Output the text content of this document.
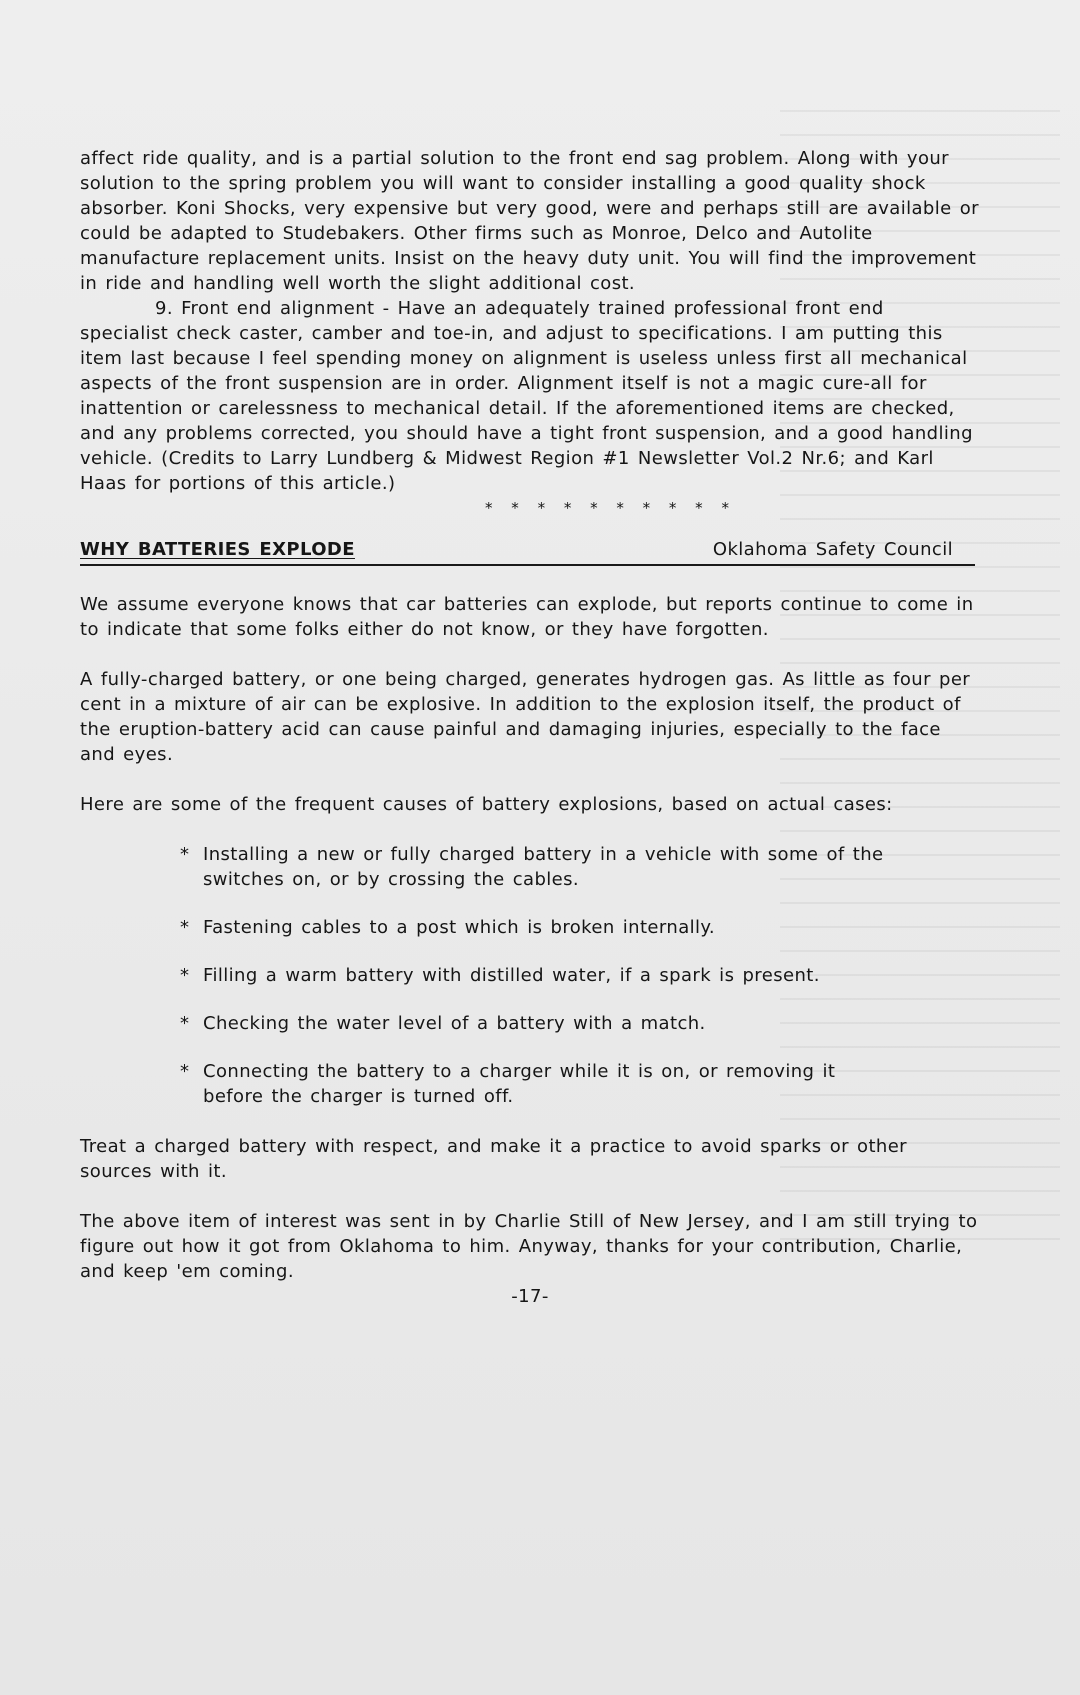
affect ride quality, and is a partial solution to the front end sag problem. Along with your solution to the spring problem you will want to consider installing a good quality shock absorber. Koni Shocks, very expensive but very good, were and perhaps still are available or could be adapted to Studebakers. Other firms such as Monroe, Delco and Autolite manufacture replacement units. Insist on the heavy duty unit. You will find the improvement in ride and handling well worth the slight additional cost.

9. Front end alignment - Have an adequately trained professional front end specialist check caster, camber and toe-in, and adjust to specifications. I am putting this item last because I feel spending money on alignment is useless unless first all mechanical aspects of the front suspension are in order. Alignment itself is not a magic cure-all for inattention or carelessness to mechanical detail. If the aforementioned items are checked, and any problems corrected, you should have a tight front suspension, and a good handling vehicle. (Credits to Larry Lundberg & Midwest Region #1 Newsletter Vol.2 Nr.6; and Karl Haas for portions of this article.)

* * * * * * * * * *

WHY BATTERIES EXPLODE	Oklahoma Safety Council

We assume everyone knows that car batteries can explode, but reports continue to come in to indicate that some folks either do not know, or they have forgotten.

A fully-charged battery, or one being charged, generates hydrogen gas. As little as four per cent in a mixture of air can be explosive. In addition to the explosion itself, the product of the eruption-battery acid can cause painful and damaging injuries, especially to the face and eyes.

Here are some of the frequent causes of battery explosions, based on actual cases:

* Installing a new or fully charged battery in a vehicle with some of the switches on, or by crossing the cables.
* Fastening cables to a post which is broken internally.
* Filling a warm battery with distilled water, if a spark is present.
* Checking the water level of a battery with a match.
* Connecting the battery to a charger while it is on, or removing it before the charger is turned off.

Treat a charged battery with respect, and make it a practice to avoid sparks or other sources with it.

The above item of interest was sent in by Charlie Still of New Jersey, and I am still trying to figure out how it got from Oklahoma to him. Anyway, thanks for your contribution, Charlie, and keep 'em coming.

-17-
